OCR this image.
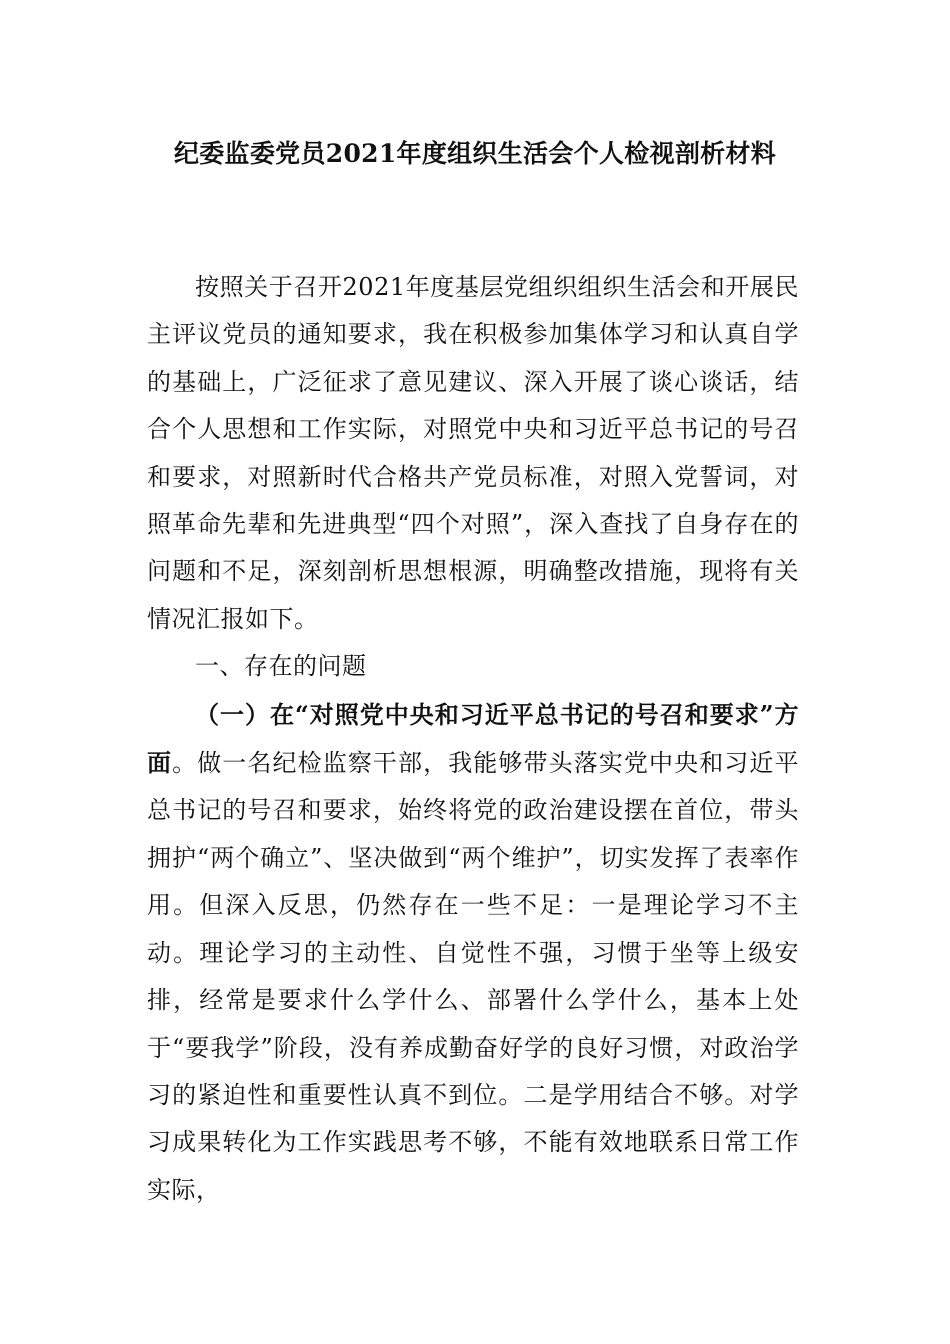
纪委监委党员2021年度组织生活会个人检视剖析材料

按照关于召开2021年度基层党组织组织生活会和开展民主评议党员的通知要求，我在积极参加集体学习和认真自学的基础上，广泛征求了意见建议、深入开展了谈心谈话，结合个人思想和工作实际，对照党中央和习近平总书记的号召和要求，对照新时代合格共产党员标准，对照入党誓词，对照革命先辈和先进典型“四个对照”，深入查找了自身存在的问题和不足，深刻剖析思想根源，明确整改措施，现将有关情况汇报如下。

一、存在的问题

（一）在“对照党中央和习近平总书记的号召和要求”方面。做一名纪检监察干部，我能够带头落实党中央和习近平总书记的号召和要求，始终将党的政治建设摆在首位，带头拥护“两个确立”、坚决做到“两个维护”，切实发挥了表率作用。但深入反思，仍然存在一些不足：一是理论学习不主动。理论学习的主动性、自觉性不强，习惯于坐等上级安排，经常是要求什么学什么、部署什么学什么，基本上处于“要我学”阶段，没有养成勤奋好学的良好习惯，对政治学习的紧迫性和重要性认真不到位。二是学用结合不够。对学习成果转化为工作实践思考不够，不能有效地联系日常工作实际，
